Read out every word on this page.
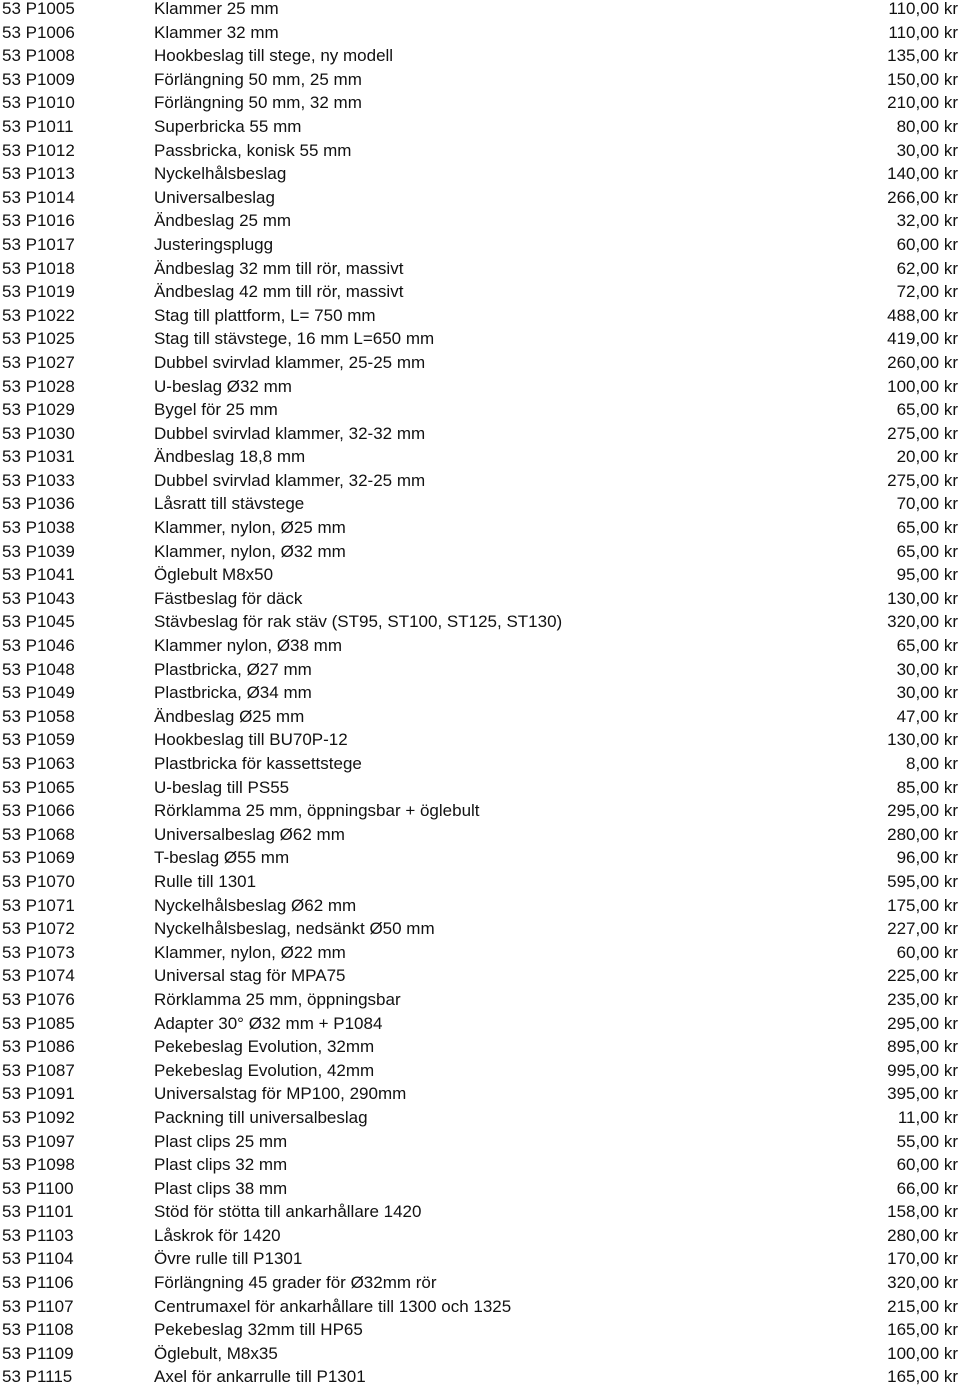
53 P1005	Klammer 25 mm	110,00 kr
53 P1006	Klammer 32 mm	110,00 kr
53 P1008	Hookbeslag till stege, ny modell	135,00 kr
53 P1009	Förlängning 50 mm, 25 mm	150,00 kr
53 P1010	Förlängning 50 mm, 32 mm	210,00 kr
53 P1011	Superbricka 55 mm	80,00 kr
53 P1012	Passbricka, konisk 55 mm	30,00 kr
53 P1013	Nyckelhålsbeslag	140,00 kr
53 P1014	Universalbeslag	266,00 kr
53 P1016	Ändbeslag 25 mm	32,00 kr
53 P1017	Justeringsplugg	60,00 kr
53 P1018	Ändbeslag 32 mm till rör, massivt	62,00 kr
53 P1019	Ändbeslag 42 mm till rör, massivt	72,00 kr
53 P1022	Stag till plattform, L= 750 mm	488,00 kr
53 P1025	Stag till stävstege, 16 mm L=650 mm	419,00 kr
53 P1027	Dubbel svirvlad klammer, 25-25 mm	260,00 kr
53 P1028	U-beslag Ø32 mm	100,00 kr
53 P1029	Bygel för 25 mm	65,00 kr
53 P1030	Dubbel svirvlad klammer, 32-32 mm	275,00 kr
53 P1031	Ändbeslag 18,8 mm	20,00 kr
53 P1033	Dubbel svirvlad klammer, 32-25 mm	275,00 kr
53 P1036	Låsratt till stävstege	70,00 kr
53 P1038	Klammer, nylon, Ø25 mm	65,00 kr
53 P1039	Klammer, nylon, Ø32 mm	65,00 kr
53 P1041	Öglebult M8x50	95,00 kr
53 P1043	Fästbeslag för däck	130,00 kr
53 P1045	Stävbeslag för rak stäv (ST95, ST100, ST125, ST130)	320,00 kr
53 P1046	Klammer nylon, Ø38 mm	65,00 kr
53 P1048	Plastbricka, Ø27 mm	30,00 kr
53 P1049	Plastbricka, Ø34 mm	30,00 kr
53 P1058	Ändbeslag Ø25 mm	47,00 kr
53 P1059	Hookbeslag till BU70P-12	130,00 kr
53 P1063	Plastbricka för kassettstege	8,00 kr
53 P1065	U-beslag till PS55	85,00 kr
53 P1066	Rörklamma 25 mm, öppningsbar + öglebult	295,00 kr
53 P1068	Universalbeslag Ø62 mm	280,00 kr
53 P1069	T-beslag Ø55 mm	96,00 kr
53 P1070	Rulle till 1301	595,00 kr
53 P1071	Nyckelhålsbeslag Ø62 mm	175,00 kr
53 P1072	Nyckelhålsbeslag, nedsänkt Ø50 mm	227,00 kr
53 P1073	Klammer, nylon, Ø22 mm	60,00 kr
53 P1074	Universal stag för MPA75	225,00 kr
53 P1076	Rörklamma 25 mm, öppningsbar	235,00 kr
53 P1085	Adapter 30° Ø32 mm + P1084	295,00 kr
53 P1086	Pekebeslag Evolution, 32mm	895,00 kr
53 P1087	Pekebeslag Evolution, 42mm	995,00 kr
53 P1091	Universalstag för MP100, 290mm	395,00 kr
53 P1092	Packning till universalbeslag	11,00 kr
53 P1097	Plast clips 25 mm	55,00 kr
53 P1098	Plast clips 32 mm	60,00 kr
53 P1100	Plast clips 38 mm	66,00 kr
53 P1101	Stöd för stötta till ankarhållare 1420	158,00 kr
53 P1103	Låskrok för 1420	280,00 kr
53 P1104	Övre rulle till P1301	170,00 kr
53 P1106	Förlängning 45 grader för Ø32mm rör	320,00 kr
53 P1107	Centrumaxel för ankarhållare till 1300 och 1325	215,00 kr
53 P1108	Pekebeslag 32mm till HP65	165,00 kr
53 P1109	Öglebult, M8x35	100,00 kr
53 P1115	Axel för ankarrulle till P1301	165,00 kr
